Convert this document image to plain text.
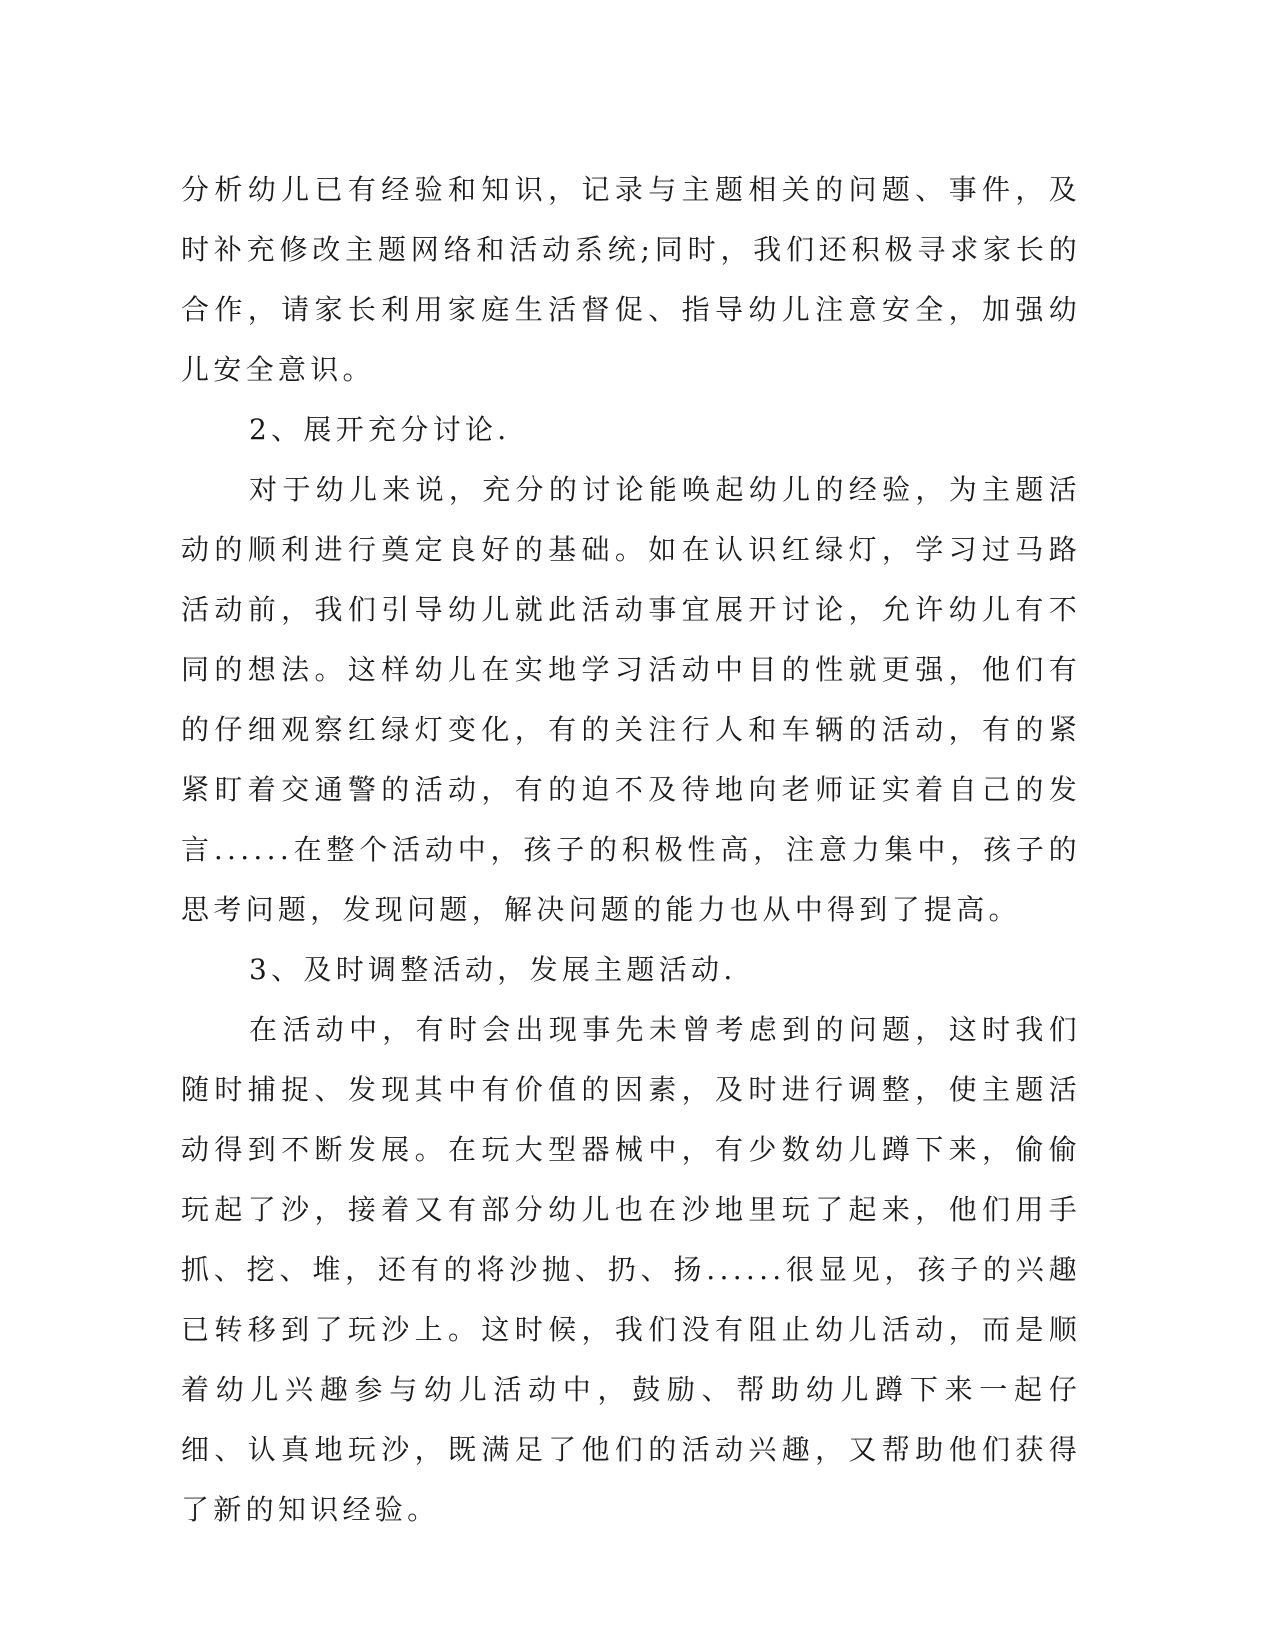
分析幼儿已有经验和知识，记录与主题相关的问题、事件，及时补充修改主题网络和活动系统;同时，我们还积极寻求家长的合作，请家长利用家庭生活督促、指导幼儿注意安全，加强幼儿安全意识。

2、展开充分讨论.

对于幼儿来说，充分的讨论能唤起幼儿的经验，为主题活动的顺利进行奠定良好的基础。如在认识红绿灯，学习过马路活动前，我们引导幼儿就此活动事宜展开讨论，允许幼儿有不同的想法。这样幼儿在实地学习活动中目的性就更强，他们有的仔细观察红绿灯变化，有的关注行人和车辆的活动，有的紧紧盯着交通警的活动，有的迫不及待地向老师证实着自己的发言......在整个活动中，孩子的积极性高，注意力集中，孩子的思考问题，发现问题，解决问题的能力也从中得到了提高。

3、及时调整活动，发展主题活动.

在活动中，有时会出现事先未曾考虑到的问题，这时我们随时捕捉、发现其中有价值的因素，及时进行调整，使主题活动得到不断发展。在玩大型器械中，有少数幼儿蹲下来，偷偷玩起了沙，接着又有部分幼儿也在沙地里玩了起来，他们用手抓、挖、堆，还有的将沙抛、扔、扬......很显见，孩子的兴趣已转移到了玩沙上。这时候，我们没有阻止幼儿活动，而是顺着幼儿兴趣参与幼儿活动中，鼓励、帮助幼儿蹲下来一起仔细、认真地玩沙，既满足了他们的活动兴趣，又帮助他们获得了新的知识经验。
